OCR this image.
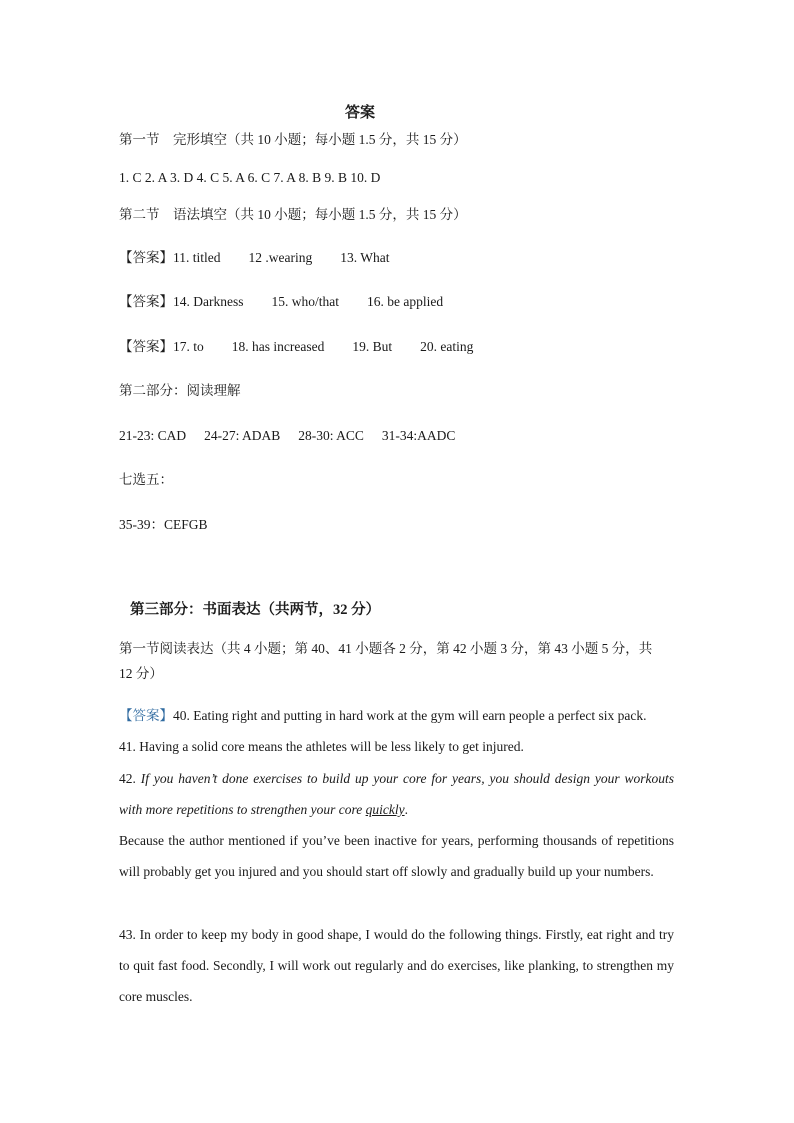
答案
第一节　完形填空（共 10 小题；每小题 1.5 分，共 15 分）
1. C 2. A 3. D 4. C 5. A 6. C 7. A 8. B 9. B 10. D
第二节　语法填空（共 10 小题；每小题 1.5 分，共 15 分）
【答案】11. titled 12 .wearing 13. What
【答案】14. Darkness 15. who/that 16. be applied
【答案】17. to 18. has increased 19. But 20. eating
第二部分：阅读理解
21-23: CAD 24-27: ADAB 28-30: ACC 31-34:AADC
七选五：
35-39：CEFGB
第三部分：书面表达（共两节，32 分）
第一节阅读表达（共 4 小题；第 40、41 小题各 2 分，第 42 小题 3 分，第 43 小题 5 分，共
12 分）
【答案】40. Eating right and putting in hard work at the gym will earn people a perfect six pack.
41. Having a solid core means the athletes will be less likely to get injured.
42. If you haven’t done exercises to build up your core for years, you should design your workouts with more repetitions to strengthen your core quickly.
Because the author mentioned if you’ve been inactive for years, performing thousands of repetitions will probably get you injured and you should start off slowly and gradually build up your numbers.
43. In order to keep my body in good shape, I would do the following things. Firstly, eat right and try to quit fast food. Secondly, I will work out regularly and do exercises, like planking, to strengthen my core muscles.
